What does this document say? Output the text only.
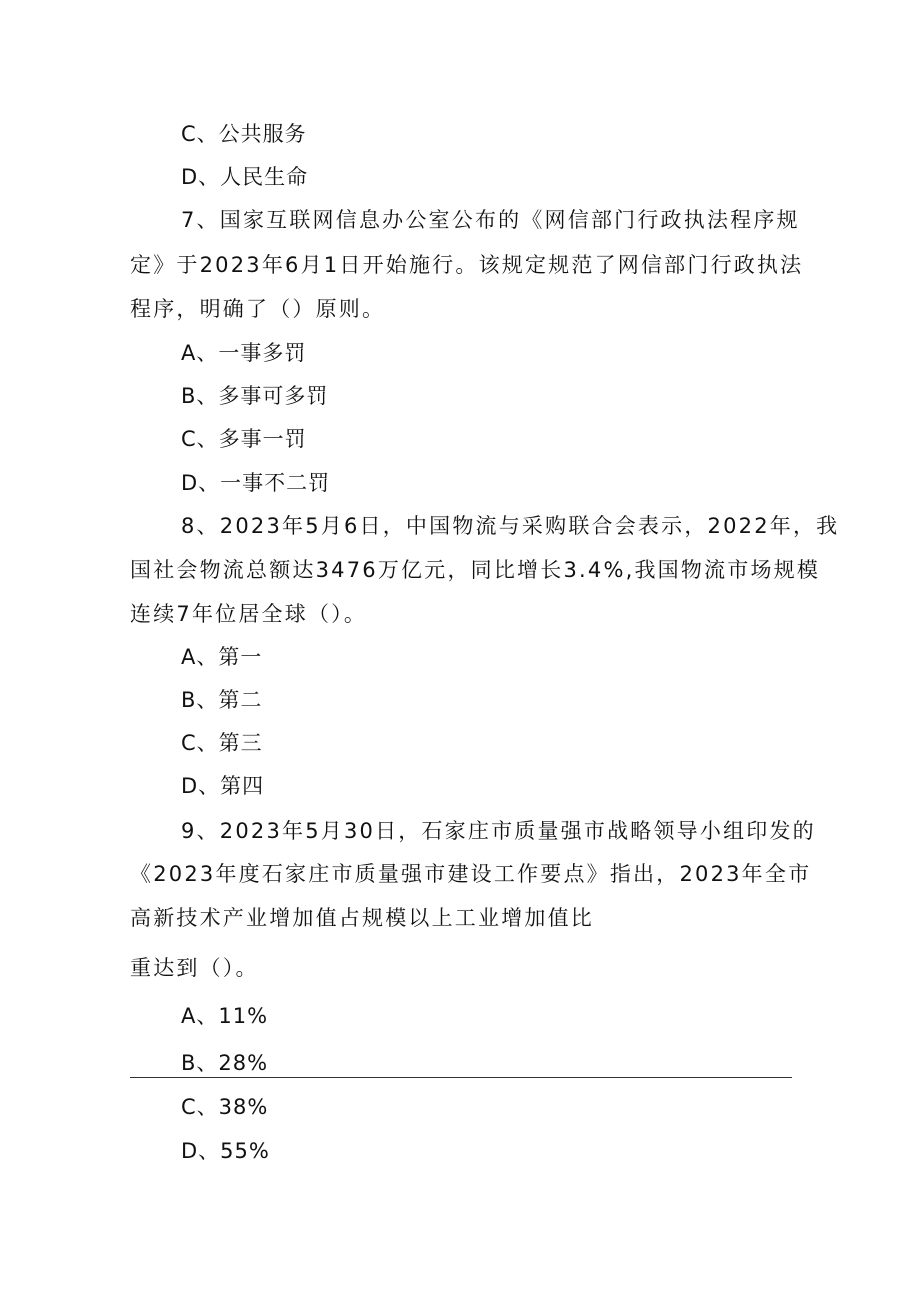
C、公共服务
D、人民生命
7、国家互联网信息办公室公布的《网信部门行政执法程序规
定》于2023年6月1日开始施行。该规定规范了网信部门行政执法
程序，明确了（）原则。
A、一事多罚
B、多事可多罚
C、多事一罚
D、一事不二罚
8、2023年5月6日，中国物流与采购联合会表示，2022年，我
国社会物流总额达3476万亿元，同比增长3.4%,我国物流市场规模
连续7年位居全球（）。
A、第一
B、第二
C、第三
D、第四
9、2023年5月30日，石家庄市质量强市战略领导小组印发的
《2023年度石家庄市质量强市建设工作要点》指出，2023年全市
高新技术产业增加值占规模以上工业增加值比
重达到（）。
A、11%
B、28%
C、38%
D、55%
